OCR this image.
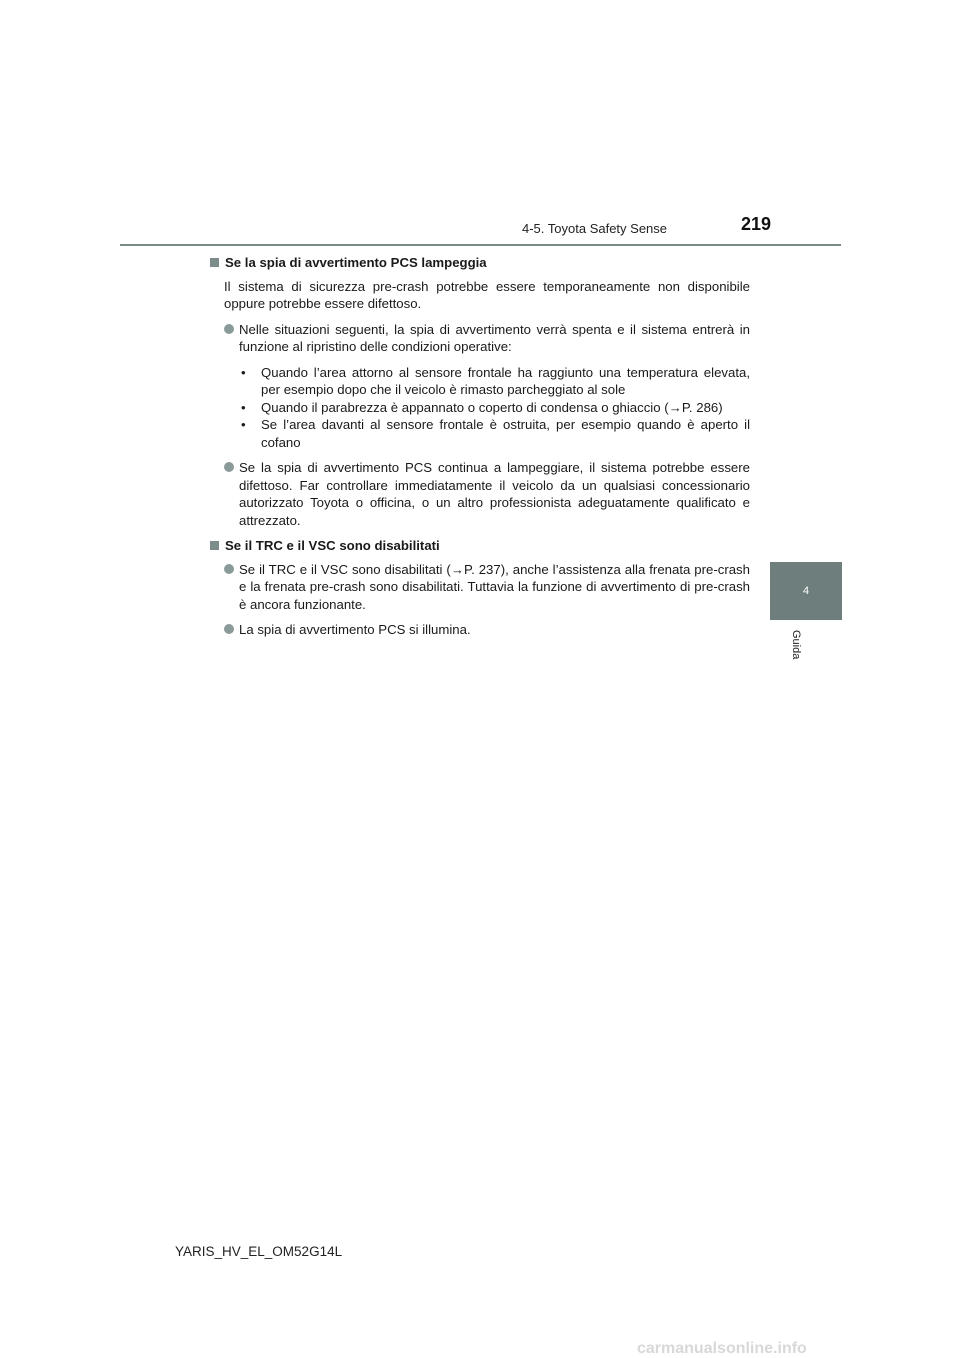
4-5. Toyota Safety Sense	219
4
Guida
Se la spia di avvertimento PCS lampeggia

Il sistema di sicurezza pre-crash potrebbe essere temporaneamente non disponibile oppure potrebbe essere difettoso.

Nelle situazioni seguenti, la spia di avvertimento verrà spenta e il sistema entrerà in funzione al ripristino delle condizioni operative:
•	Quando l’area attorno al sensore frontale ha raggiunto una temperatura elevata, per esempio dopo che il veicolo è rimasto parcheggiato al sole
•	Quando il parabrezza è appannato o coperto di condensa o ghiaccio (→P. 286)
•	Se l’area davanti al sensore frontale è ostruita, per esempio quando è aperto il cofano
Se la spia di avvertimento PCS continua a lampeggiare, il sistema potrebbe essere difettoso. Far controllare immediatamente il veicolo da un qualsiasi concessionario autorizzato Toyota o officina, o un altro professionista adeguatamente qualificato e attrezzato.
Se il TRC e il VSC sono disabilitati
Se il TRC e il VSC sono disabilitati (→P. 237), anche l’assistenza alla frenata pre-crash e la frenata pre-crash sono disabilitati. Tuttavia la funzione di avvertimento di pre-crash è ancora funzionante.
La spia di avvertimento PCS si illumina.
YARIS_HV_EL_OM52G14L
carmanualsonline.info
